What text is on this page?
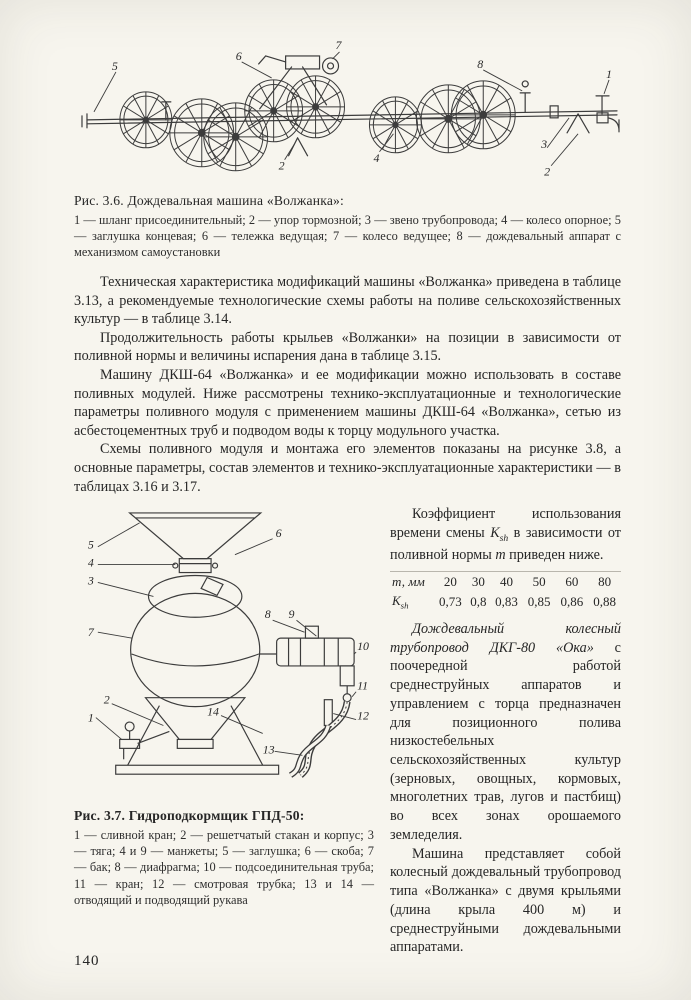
5
6
7
8
1
2
4
3
2
Рис. 3.6. Дождевальная машина «Волжанка»:
1 — шланг присоединительный; 2 — упор тормозной; 3 — звено трубопровода; 4 — колесо опорное; 5 — заглушка концевая; 6 — тележка ведущая; 7 — колесо ведущее; 8 — дождевальный аппарат с механизмом самоустановки

Техническая характеристика модификаций машины «Волжанка» приведена в таблице 3.13, а рекомендуемые технологические схемы работы на поливе сельскохозяйственных культур — в таблице 3.14.

Продолжительность работы крыльев «Волжанки» на позиции в зависимости от поливной нормы и величины испарения дана в таблице 3.15.

Машину ДКШ-64 «Волжанка» и ее модификации можно использовать в составе поливных модулей. Ниже рассмотрены технико-эксплуатационные и технологические параметры поливного модуля с применением машины ДКШ-64 «Волжанка», сетью из асбестоцементных труб и подводом воды к торцу модульного участка.

Схемы поливного модуля и монтажа его элементов показаны на рисунке 3.8, а основные параметры, состав элементов и технико-эксплуатационные характеристики — в таблицах 3.16 и 3.17.

5
4
3
6
7
8 9
10
11
12
13
14
1
2
Рис. 3.7. Гидроподкормщик ГПД-50:
1 — сливной кран; 2 — решетчатый стакан и корпус; 3 — тяга; 4 и 9 — манжеты; 5 — заглушка; 6 — скоба; 7 — бак; 8 — диафрагма; 10 — подсоединительная труба; 11 — кран; 12 — смотровая трубка; 13 и 14 — отводящий и подводящий рукава

Коэффициент использования времени смены $К_{sh}$ в зависимости от поливной нормы m приведен ниже.

т, мм	20	30	40	50	60	80
$К_{sh}$	0,73	0,8	0,83	0,85	0,86	0,88

Дождевальный колесный трубопровод ДКГ-80 «Ока» с поочередной работой среднеструйных аппаратов и управлением с торца предназначен для позиционного полива низкостебельных сельскохозяйственных культур (зерновых, овощных, кормовых, многолетних трав, лугов и пастбищ) во всех зонах орошаемого земледелия.

Машина представляет собой колесный дождевальный трубопровод типа «Волжанка» с двумя крыльями (длина крыла 400 м) и среднеструйными дождевальными аппаратами.

140
